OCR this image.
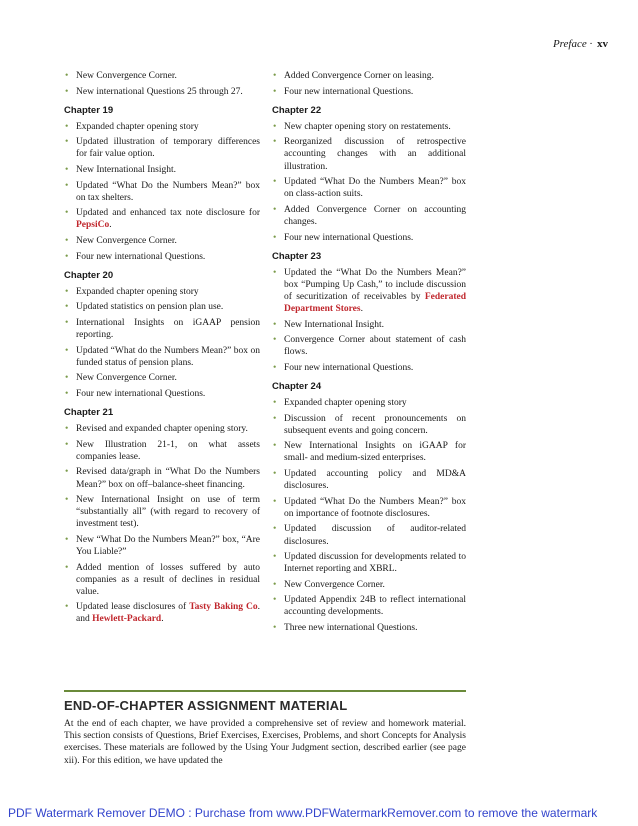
Preface · xv
• New Convergence Corner.
• New international Questions 25 through 27.
Chapter 19
• Expanded chapter opening story
• Updated illustration of temporary differences for fair value option.
• New International Insight.
• Updated “What Do the Numbers Mean?” box on tax shelters.
• Updated and enhanced tax note disclosure for PepsiCo.
• New Convergence Corner.
• Four new international Questions.
Chapter 20
• Expanded chapter opening story
• Updated statistics on pension plan use.
• International Insights on iGAAP pension reporting.
• Updated “What do the Numbers Mean?” box on funded status of pension plans.
• New Convergence Corner.
• Four new international Questions.
Chapter 21
• Revised and expanded chapter opening story.
• New Illustration 21-1, on what assets companies lease.
• Revised data/graph in “What Do the Numbers Mean?” box on off–balance-sheet financing.
• New International Insight on use of term “substantially all” (with regard to recovery of investment test).
• New “What Do the Numbers Mean?” box, “Are You Liable?”
• Added mention of losses suffered by auto companies as a result of declines in residual value.
• Updated lease disclosures of Tasty Baking Co. and Hewlett-Packard.
• Added Convergence Corner on leasing.
• Four new international Questions.
Chapter 22
• New chapter opening story on restatements.
• Reorganized discussion of retrospective accounting changes with an additional illustration.
• Updated “What Do the Numbers Mean?” box on class-action suits.
• Added Convergence Corner on accounting changes.
• Four new international Questions.
Chapter 23
• Updated the “What Do the Numbers Mean?” box “Pumping Up Cash,” to include discussion of securitization of receivables by Federated Department Stores.
• New International Insight.
• Convergence Corner about statement of cash flows.
• Four new international Questions.
Chapter 24
• Expanded chapter opening story
• Discussion of recent pronouncements on subsequent events and going concern.
• New International Insights on iGAAP for small- and medium-sized enterprises.
• Updated accounting policy and MD&A disclosures.
• Updated “What Do the Numbers Mean?” box on importance of footnote disclosures.
• Updated discussion of auditor-related disclosures.
• Updated discussion for developments related to Internet reporting and XBRL.
• New Convergence Corner.
• Updated Appendix 24B to reflect international accounting developments.
• Three new international Questions.
END-OF-CHAPTER ASSIGNMENT MATERIAL
At the end of each chapter, we have provided a comprehensive set of review and homework material. This section consists of Questions, Brief Exercises, Exercises, Problems, and short Concepts for Analysis exercises. These materials are followed by the Using Your Judgment section, described earlier (see page xii). For this edition, we have updated the
PDF Watermark Remover DEMO : Purchase from www.PDFWatermarkRemover.com to remove the watermark
